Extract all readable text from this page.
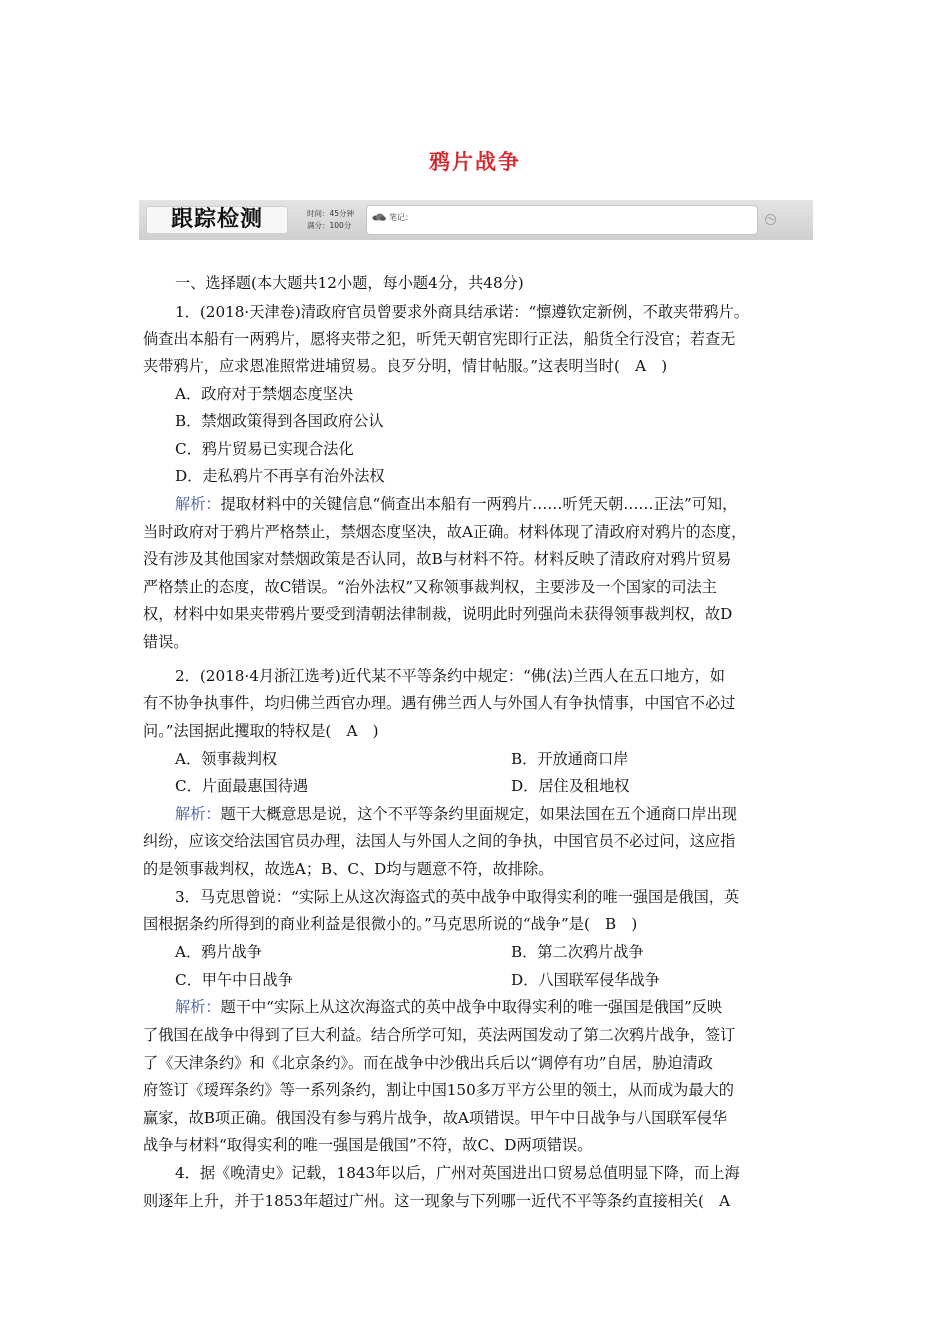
鸦片战争
跟踪检测	时间：45分钟
满分：100分
笔记：
一、选择题(本大题共12小题，每小题4分，共48分)
1．(2018·天津卷)清政府官员曾要求外商具结承诺：“懔遵钦定新例，不敢夹带鸦片。
倘查出本船有一两鸦片，愿将夹带之犯，听凭天朝官宪即行正法，船货全行没官；若查无
夹带鸦片，应求恩准照常进埔贸易。良歹分明，情甘帖服。”这表明当时(　A　)
A．政府对于禁烟态度坚决
B．禁烟政策得到各国政府公认
C．鸦片贸易已实现合法化
D．走私鸦片不再享有治外法权
解析：提取材料中的关键信息“倘查出本船有一两鸦片……听凭天朝……正法”可知，
当时政府对于鸦片严格禁止，禁烟态度坚决，故A正确。材料体现了清政府对鸦片的态度，
没有涉及其他国家对禁烟政策是否认同，故B与材料不符。材料反映了清政府对鸦片贸易
严格禁止的态度，故C错误。“治外法权”又称领事裁判权，主要涉及一个国家的司法主
权，材料中如果夹带鸦片要受到清朝法律制裁，说明此时列强尚未获得领事裁判权，故D
错误。
2．(2018·4月浙江选考)近代某不平等条约中规定：“佛(法)兰西人在五口地方，如
有不协争执事件，均归佛兰西官办理。遇有佛兰西人与外国人有争执情事，中国官不必过
问。”法国据此攫取的特权是(　A　)
A．领事裁判权	B．开放通商口岸
C．片面最惠国待遇	D．居住及租地权
解析：题干大概意思是说，这个不平等条约里面规定，如果法国在五个通商口岸出现
纠纷，应该交给法国官员办理，法国人与外国人之间的争执，中国官员不必过问，这应指
的是领事裁判权，故选A；B、C、D均与题意不符，故排除。
3．马克思曾说：“实际上从这次海盗式的英中战争中取得实利的唯一强国是俄国，英
国根据条约所得到的商业利益是很微小的。”马克思所说的“战争”是(　B　)
A．鸦片战争	B．第二次鸦片战争
C．甲午中日战争	D．八国联军侵华战争
解析：题干中“实际上从这次海盗式的英中战争中取得实利的唯一强国是俄国”反映
了俄国在战争中得到了巨大利益。结合所学可知，英法两国发动了第二次鸦片战争，签订
了《天津条约》和《北京条约》。而在战争中沙俄出兵后以“调停有功”自居，胁迫清政
府签订《瑷珲条约》等一系列条约，割让中国150多万平方公里的领土，从而成为最大的
赢家，故B项正确。俄国没有参与鸦片战争，故A项错误。甲午中日战争与八国联军侵华
战争与材料“取得实利的唯一强国是俄国”不符，故C、D两项错误。
4．据《晚清史》记载，1843年以后，广州对英国进出口贸易总值明显下降，而上海
则逐年上升，并于1853年超过广州。这一现象与下列哪一近代不平等条约直接相关(　A
